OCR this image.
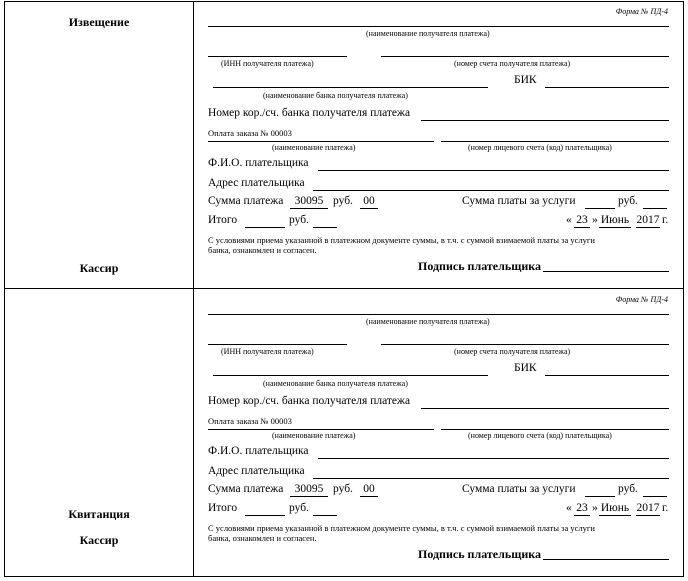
Извещение
Кассир
Форма № ПД-4
(наименование получателя платежа)
(ИНН получателя платежа)	(номер счета получателя платежа)
БИК
(наименование банка получателя платежа)
Номер кор./сч. банка получателя платежа
Оплата заказа № 00003
(наименование платежа)	(номер лицевого счета (код) плательщика)
Ф.И.О. плательщика
Адрес плательщика
Сумма платежа 30095 руб. 00	Сумма платы за услуги	руб.
Итого	руб.	« 23 » Июнь 2017 г.
С условиями приема указанной в платежном документе суммы, в т.ч. с суммой взимаемой платы за услуги
банка, ознакомлен и согласен.
Подпись плательщика
Квитанция
Кассир
Форма № ПД-4
(наименование получателя платежа)
(ИНН получателя платежа)	(номер счета получателя платежа)
БИК
(наименование банка получателя платежа)
Номер кор./сч. банка получателя платежа
Оплата заказа № 00003
(наименование платежа)	(номер лицевого счета (код) плательщика)
Ф.И.О. плательщика
Адрес плательщика
Сумма платежа 30095 руб. 00	Сумма платы за услуги	руб.
Итого	руб.	« 23 » Июнь 2017 г.
С условиями приема указанной в платежном документе суммы, в т.ч. с суммой взимаемой платы за услуги
банка, ознакомлен и согласен.
Подпись плательщика
